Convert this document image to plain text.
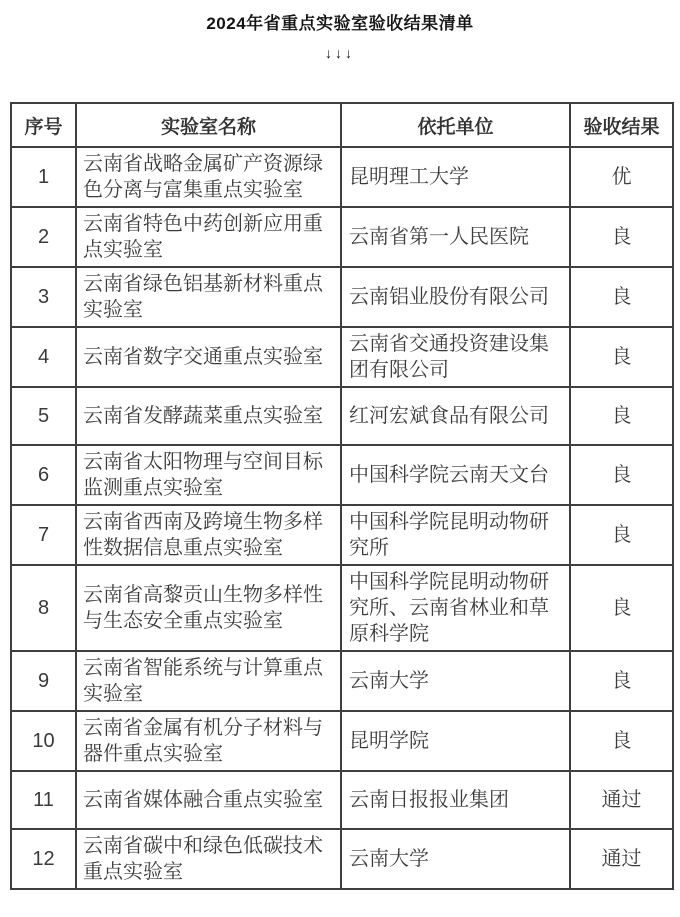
2024年省重点实验室验收结果清单
↓↓↓
序号	实验室名称	依托单位	验收结果
1	云南省战略金属矿产资源绿色分离与富集重点实验室	昆明理工大学	优
2	云南省特色中药创新应用重点实验室	云南省第一人民医院	良
3	云南省绿色铝基新材料重点实验室	云南铝业股份有限公司	良
4	云南省数字交通重点实验室	云南省交通投资建设集团有限公司	良
5	云南省发酵蔬菜重点实验室	红河宏斌食品有限公司	良
6	云南省太阳物理与空间目标监测重点实验室	中国科学院云南天文台	良
7	云南省西南及跨境生物多样性数据信息重点实验室	中国科学院昆明动物研究所	良
8	云南省高黎贡山生物多样性与生态安全重点实验室	中国科学院昆明动物研究所、云南省林业和草原科学院	良
9	云南省智能系统与计算重点实验室	云南大学	良
10	云南省金属有机分子材料与器件重点实验室	昆明学院	良
11	云南省媒体融合重点实验室	云南日报报业集团	通过
12	云南省碳中和绿色低碳技术重点实验室	云南大学	通过
